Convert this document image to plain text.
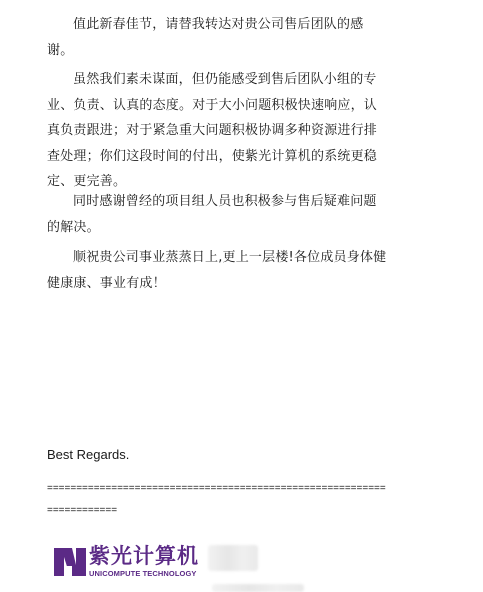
值此新春佳节，请替我转达对贵公司售后团队的感谢。

虽然我们素未谋面，但仍能感受到售后团队小组的专业、负责、认真的态度。对于大小问题积极快速响应，认真负责跟进；对于紧急重大问题积极协调多种资源进行排查处理；你们这段时间的付出，使紫光计算机的系统更稳定、更完善。

同时感谢曾经的项目组人员也积极参与售后疑难问题的解决。

顺祝贵公司事业蒸蒸日上,更上一层楼!各位成员身体健健康康、事业有成！

Best Regards.

======================================================================

紫光计算机
UNICOMPUTE TECHNOLOGY
